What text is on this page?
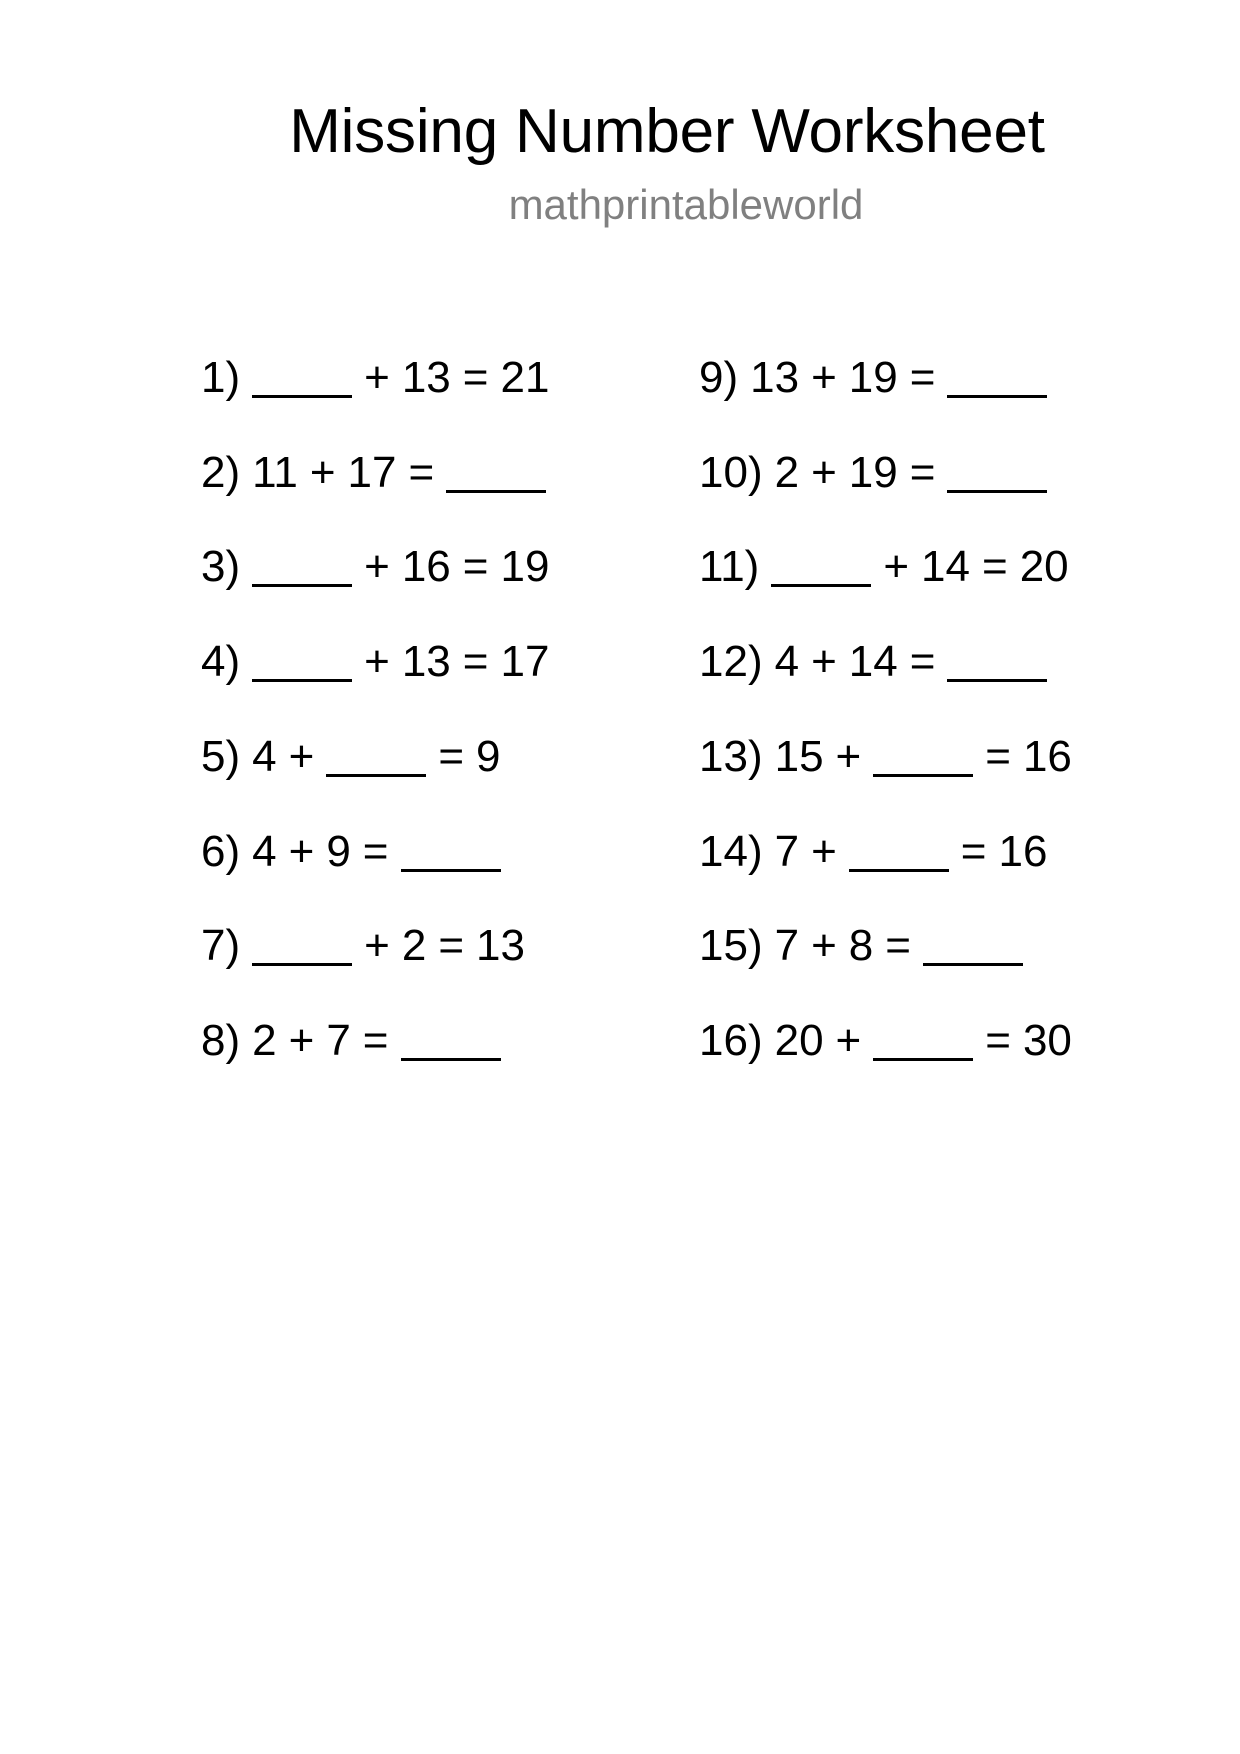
Missing Number Worksheet
mathprintableworld
1)	+ 13 = 21
2) 11 + 17 =
3)	+ 16 = 19
4)	+ 13 = 17
5) 4 +	= 9
6) 4 + 9 =
7)	+ 2 = 13
8) 2 + 7 =
9) 13 + 19 =
10) 2 + 19 =
11)	+ 14 = 20
12) 4 + 14 =
13) 15 +	= 16
14) 7 +	= 16
15) 7 + 8 =
16) 20 +	= 30
